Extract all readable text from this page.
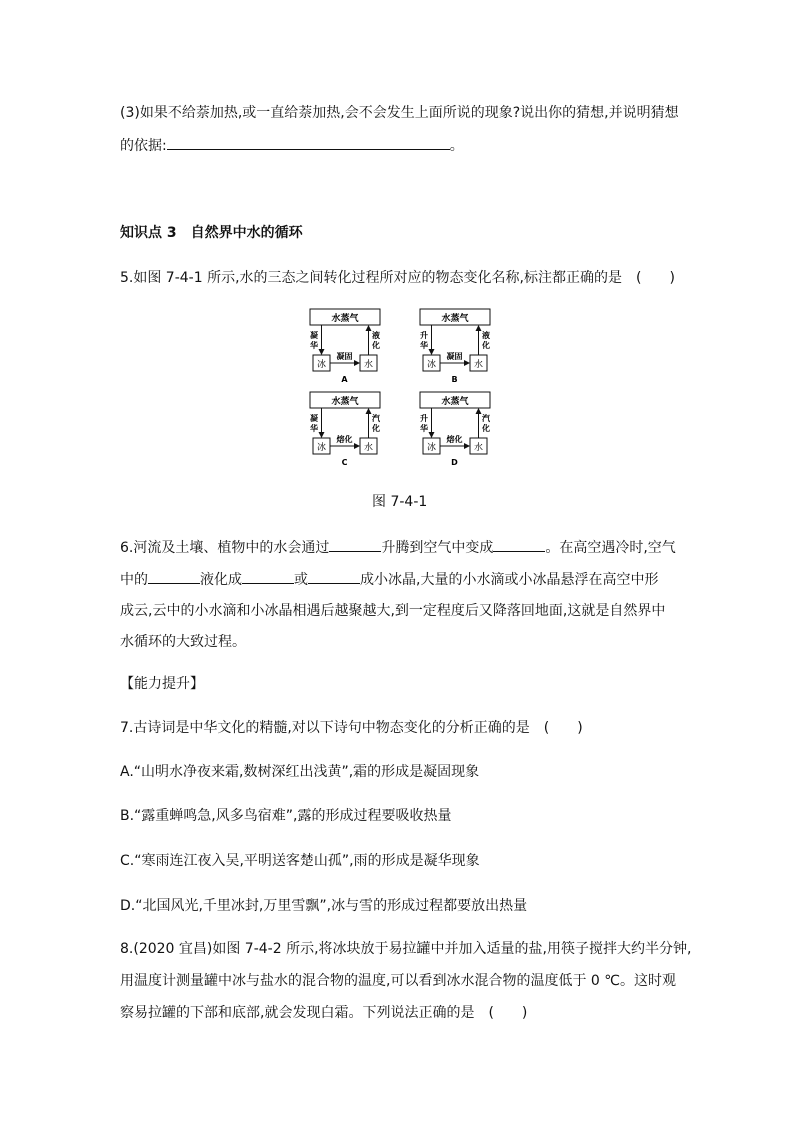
(3)如果不给萘加热,或一直给萘加热,会不会发生上面所说的现象?说出你的猜想,并说明猜想
的依据:	。
知识点 3　自然界中水的循环
5.如图 7-4-1 所示,水的三态之间转化过程所对应的物态变化名称,标注都正确的是　(　　)
水蒸气
冰	水
凝
华
液
化
凝固
A
水蒸气
冰	水
升
华
液
化
凝固
B
水蒸气
冰	水
凝
华
汽
化
熔化
C
水蒸气
冰	水
升
华
汽
化
熔化
D
图 7-4-1
6.河流及土壤、植物中的水会通过	升腾到空气中变成	。在高空遇冷时,空气
中的	液化成	或	成小冰晶,大量的小水滴或小冰晶悬浮在高空中形
成云,云中的小水滴和小冰晶相遇后越聚越大,到一定程度后又降落回地面,这就是自然界中
水循环的大致过程。
【能力提升】
7.古诗词是中华文化的精髓,对以下诗句中物态变化的分析正确的是　(　　)
A.“山明水净夜来霜,数树深红出浅黄”,霜的形成是凝固现象
B.“露重蝉鸣急,风多鸟宿难”,露的形成过程要吸收热量
C.“寒雨连江夜入吴,平明送客楚山孤”,雨的形成是凝华现象
D.“北国风光,千里冰封,万里雪飘”,冰与雪的形成过程都要放出热量
8.(2020 宜昌)如图 7-4-2 所示,将冰块放于易拉罐中并加入适量的盐,用筷子搅拌大约半分钟,
用温度计测量罐中冰与盐水的混合物的温度,可以看到冰水混合物的温度低于 0 ℃。这时观
察易拉罐的下部和底部,就会发现白霜。下列说法正确的是　(　　)
